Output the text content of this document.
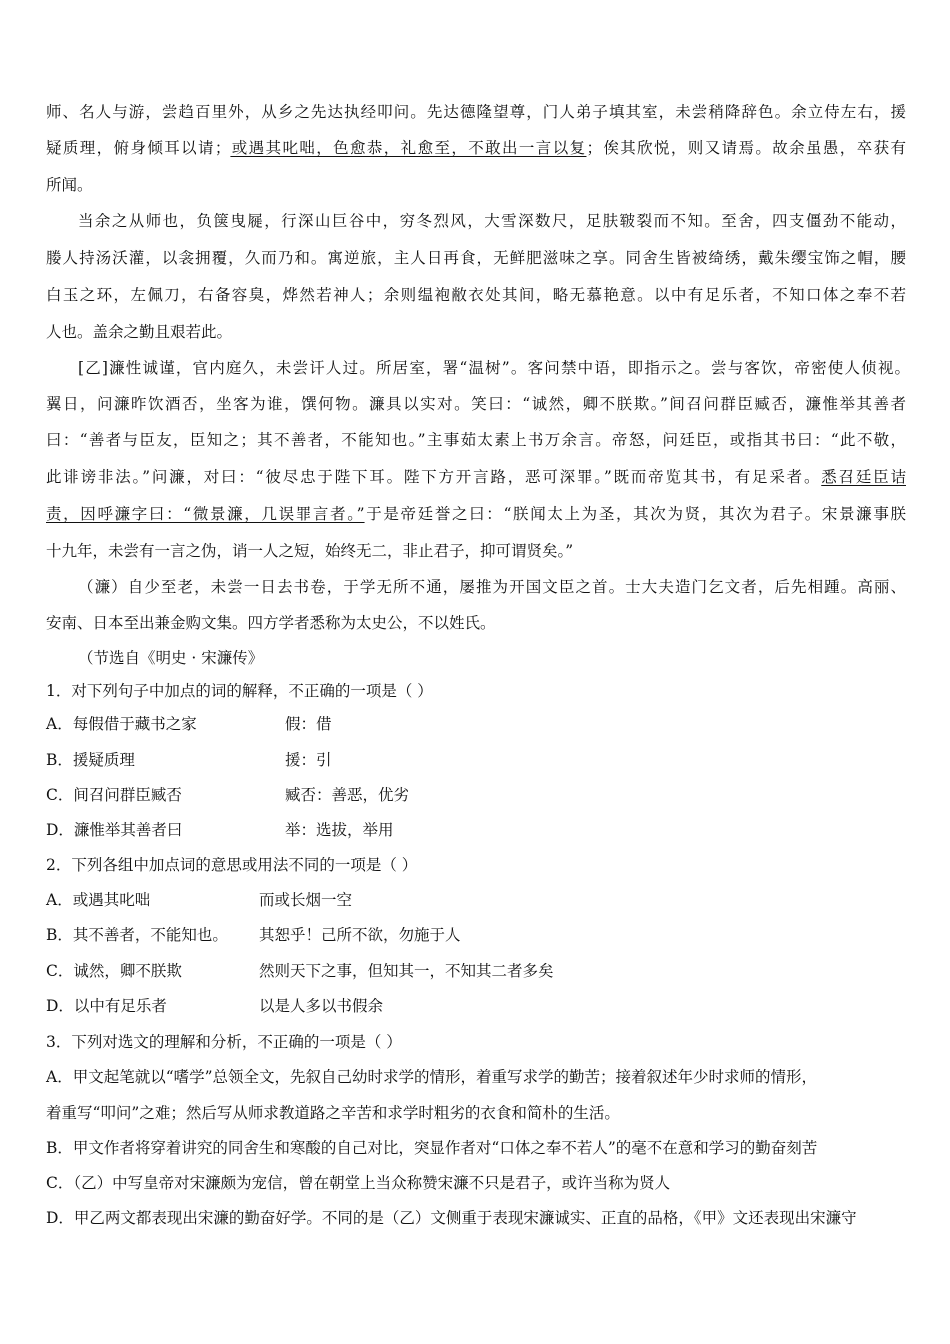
师、名人与游，尝趋百里外，从乡之先达执经叩问。先达德隆望尊，门人弟子填其室，未尝稍降辞色。余立侍左右，援
疑质理，俯身倾耳以请；或遇其叱咄，色愈恭，礼愈至，不敢出一言以复；俟其欣悦，则又请焉。故余虽愚，卒获有
所闻。
当余之从师也，负箧曳屣，行深山巨谷中，穷冬烈风，大雪深数尺，足肤皲裂而不知。至舍，四支僵劲不能动，
媵人持汤沃灌，以衾拥覆，久而乃和。寓逆旅，主人日再食，无鲜肥滋味之享。同舍生皆被绮绣，戴朱缨宝饰之帽，腰
白玉之环，左佩刀，右备容臭，烨然若神人；余则缊袍敝衣处其间，略无慕艳意。以中有足乐者，不知口体之奉不若
人也。盖余之勤且艰若此。
[乙]濂性诚谨，官内庭久，未尝讦人过。所居室，署“温树”。客问禁中语，即指示之。尝与客饮，帝密使人侦视。
翼日，问濂昨饮酒否，坐客为谁，馔何物。濂具以实对。笑曰：“诚然，卿不朕欺。”间召问群臣臧否，濂惟举其善者
曰：“善者与臣友，臣知之；其不善者，不能知也。”主事茹太素上书万余言。帝怒，问廷臣，或指其书曰：“此不敬，
此诽谤非法。”问濂，对曰：“彼尽忠于陛下耳。陛下方开言路，恶可深罪。”既而帝览其书，有足采者。悉召廷臣诘
责，因呼濂字曰：“微景濂，几误罪言者。”于是帝廷誉之曰：“朕闻太上为圣，其次为贤，其次为君子。宋景濂事朕
十九年，未尝有一言之伪，诮一人之短，始终无二，非止君子，抑可谓贤矣。”
（濂）自少至老，未尝一日去书卷，于学无所不通，屡推为开国文臣之首。士大夫造门乞文者，后先相踵。高丽、
安南、日本至出兼金购文集。四方学者悉称为太史公，不以姓氏。
（节选自《明史 · 宋濂传》
1．对下列句子中加点的词的解释，不正确的一项是（ ）
A．每假借于藏书之家	假：借
B．援疑质理	援：引
C．间召问群臣臧否	臧否：善恶，优劣
D．濂惟举其善者曰	举：选拔，举用
2．下列各组中加点词的意思或用法不同的一项是（ ）
A．或遇其叱咄	而或长烟一空
B．其不善者，不能知也。 其恕乎！己所不欲，勿施于人
C．诚然，卿不朕欺	然则天下之事，但知其一，不知其二者多矣
D．以中有足乐者	以是人多以书假余
3．下列对选文的理解和分析，不正确的一项是（ ）
A．甲文起笔就以“嗜学”总领全文，先叙自己幼时求学的情形，着重写求学的勤苦；接着叙述年少时求师的情形，
着重写“叩问”之难；然后写从师求教道路之辛苦和求学时粗劣的衣食和简朴的生活。
B．甲文作者将穿着讲究的同舍生和寒酸的自己对比，突显作者对“口体之奉不若人”的毫不在意和学习的勤奋刻苦
C．（乙）中写皇帝对宋濂颇为宠信，曾在朝堂上当众称赞宋濂不只是君子，或许当称为贤人
D．甲乙两文都表现出宋濂的勤奋好学。不同的是（乙）文侧重于表现宋濂诚实、正直的品格，《甲》文还表现出宋濂守
